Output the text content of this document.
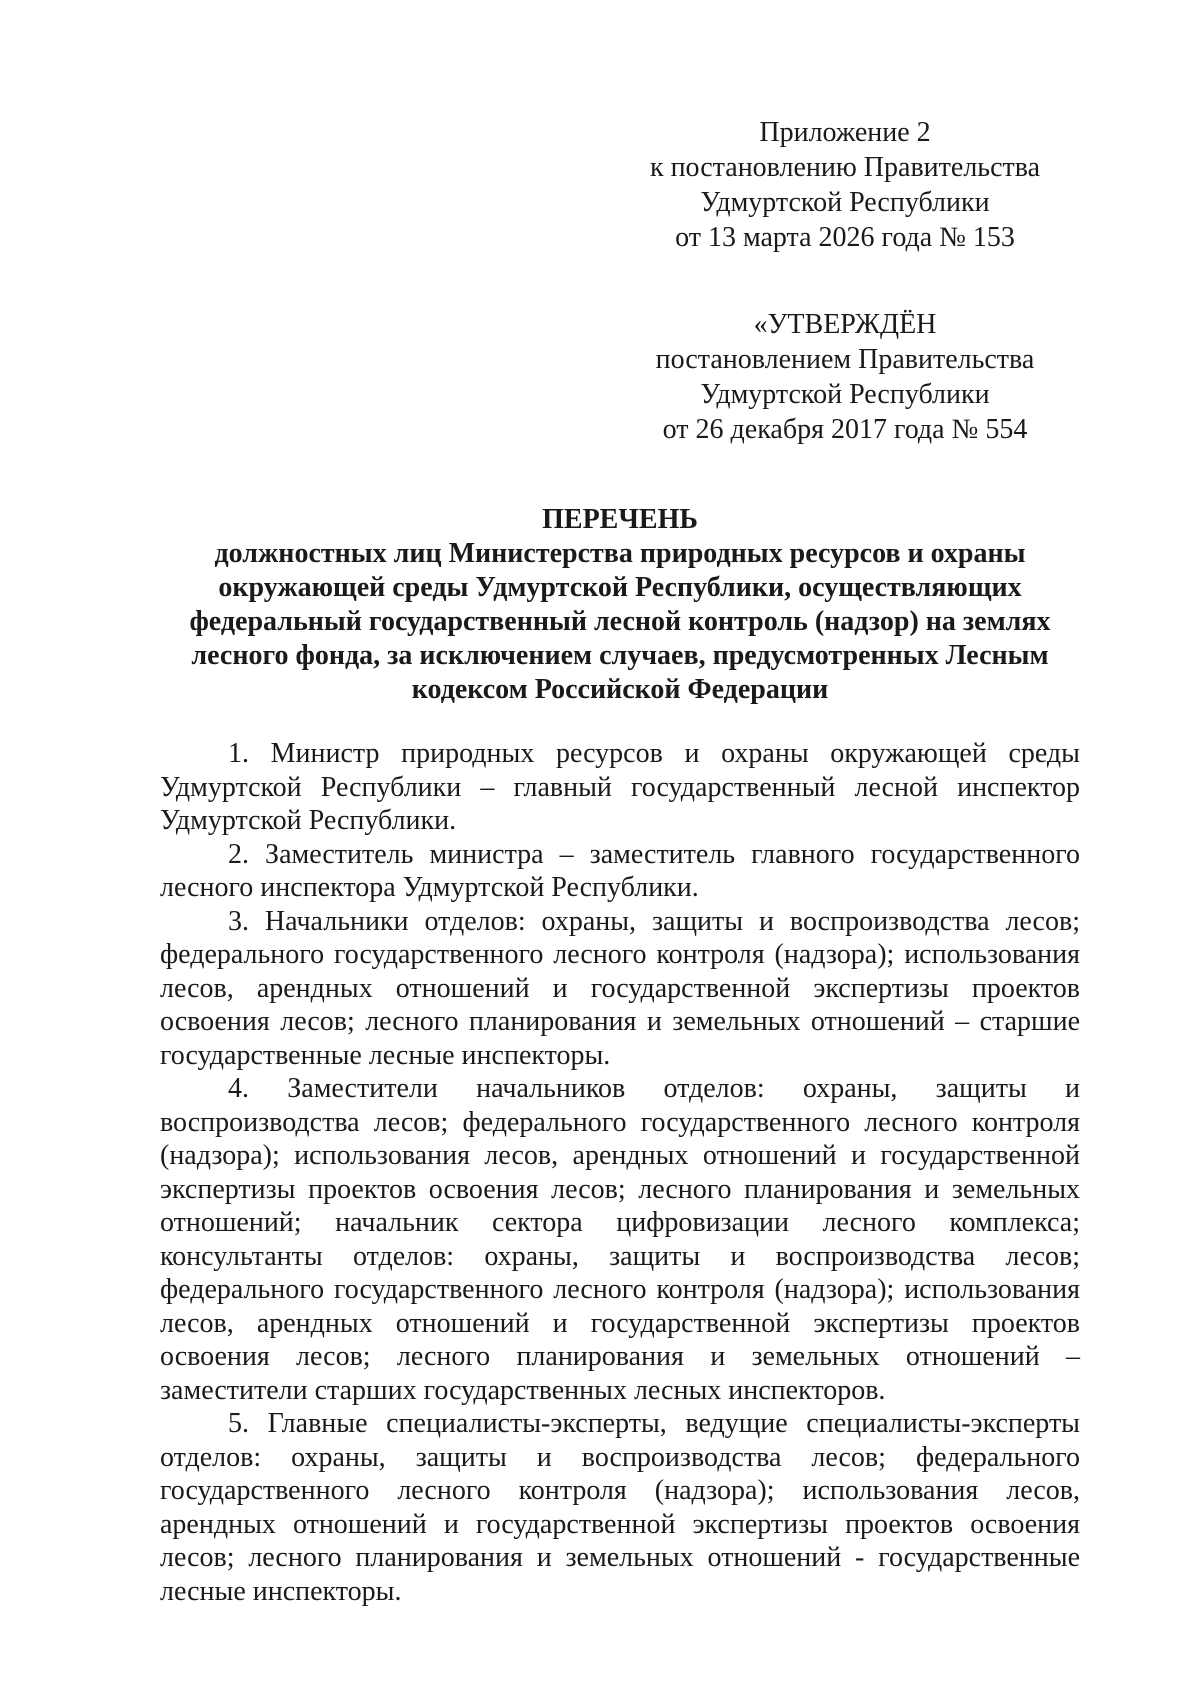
Приложение 2
к постановлению Правительства
Удмуртской Республики
от 13 марта 2026 года № 153
«УТВЕРЖДЁН
постановлением Правительства
Удмуртской Республики
от 26 декабря 2017 года № 554
ПЕРЕЧЕНЬ
должностных лиц Министерства природных ресурсов и охраны
окружающей среды Удмуртской Республики, осуществляющих
федеральный государственный лесной контроль (надзор) на землях
лесного фонда, за исключением случаев, предусмотренных Лесным
кодексом Российской Федерации

1. Министр природных ресурсов и охраны окружающей среды Удмуртской Республики – главный государственный лесной инспектор Удмуртской Республики.

2. Заместитель министра – заместитель главного государственного лесного инспектора Удмуртской Республики.

3. Начальники отделов: охраны, защиты и воспроизводства лесов; федерального государственного лесного контроля (надзора); использования лесов, арендных отношений и государственной экспертизы проектов освоения лесов; лесного планирования и земельных отношений – старшие государственные лесные инспекторы.

4. Заместители начальников отделов: охраны, защиты и воспроизводства лесов; федерального государственного лесного контроля (надзора); использования лесов, арендных отношений и государственной экспертизы проектов освоения лесов; лесного планирования и земельных отношений; начальник сектора цифровизации лесного комплекса; консультанты отделов: охраны, защиты и воспроизводства лесов; федерального государственного лесного контроля (надзора); использования лесов, арендных отношений и государственной экспертизы проектов освоения лесов; лесного планирования и земельных отношений – заместители старших государственных лесных инспекторов.

5. Главные специалисты-эксперты, ведущие специалисты-эксперты отделов: охраны, защиты и воспроизводства лесов; федерального государственного лесного контроля (надзора); использования лесов, арендных отношений и государственной экспертизы проектов освоения лесов; лесного планирования и земельных отношений - государственные лесные инспекторы.
